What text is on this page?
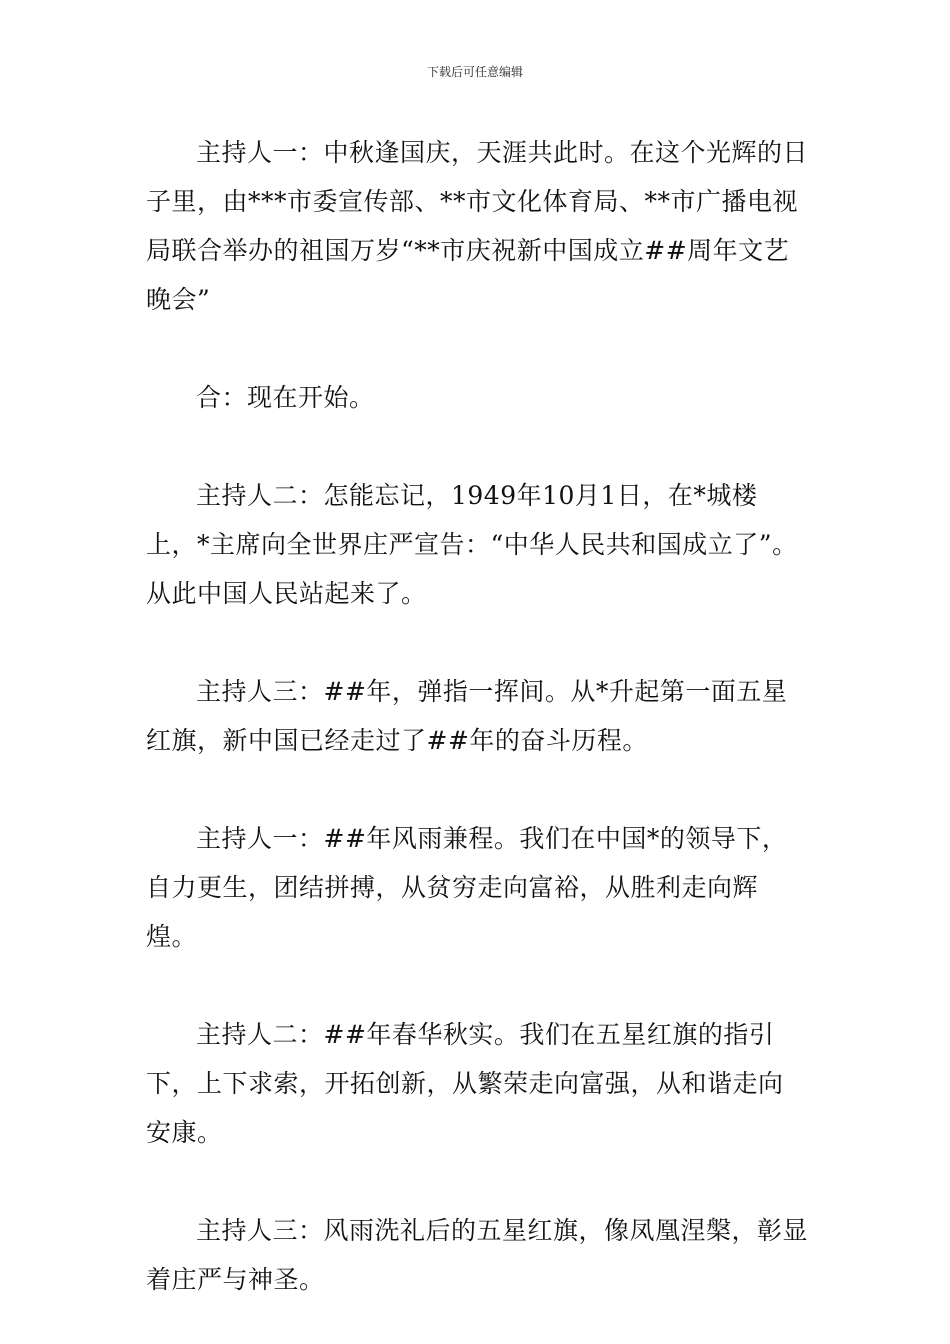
下载后可任意编辑

主持人一：中秋逢国庆，天涯共此时。在这个光辉的日子里，由***市委宣传部、**市文化体育局、**市广播电视局联合举办的祖国万岁“**市庆祝新中国成立##周年文艺晚会”

合：现在开始。

主持人二：怎能忘记，1949年10月1日，在*城楼上，*主席向全世界庄严宣告：“中华人民共和国成立了”。从此中国人民站起来了。

主持人三：##年，弹指一挥间。从*升起第一面五星红旗，新中国已经走过了##年的奋斗历程。

主持人一：##年风雨兼程。我们在中国*的领导下，自力更生，团结拼搏，从贫穷走向富裕，从胜利走向辉煌。

主持人二：##年春华秋实。我们在五星红旗的指引下，上下求索，开拓创新，从繁荣走向富强，从和谐走向安康。

主持人三：风雨洗礼后的五星红旗，像凤凰涅槃，彰显着庄严与神圣。
